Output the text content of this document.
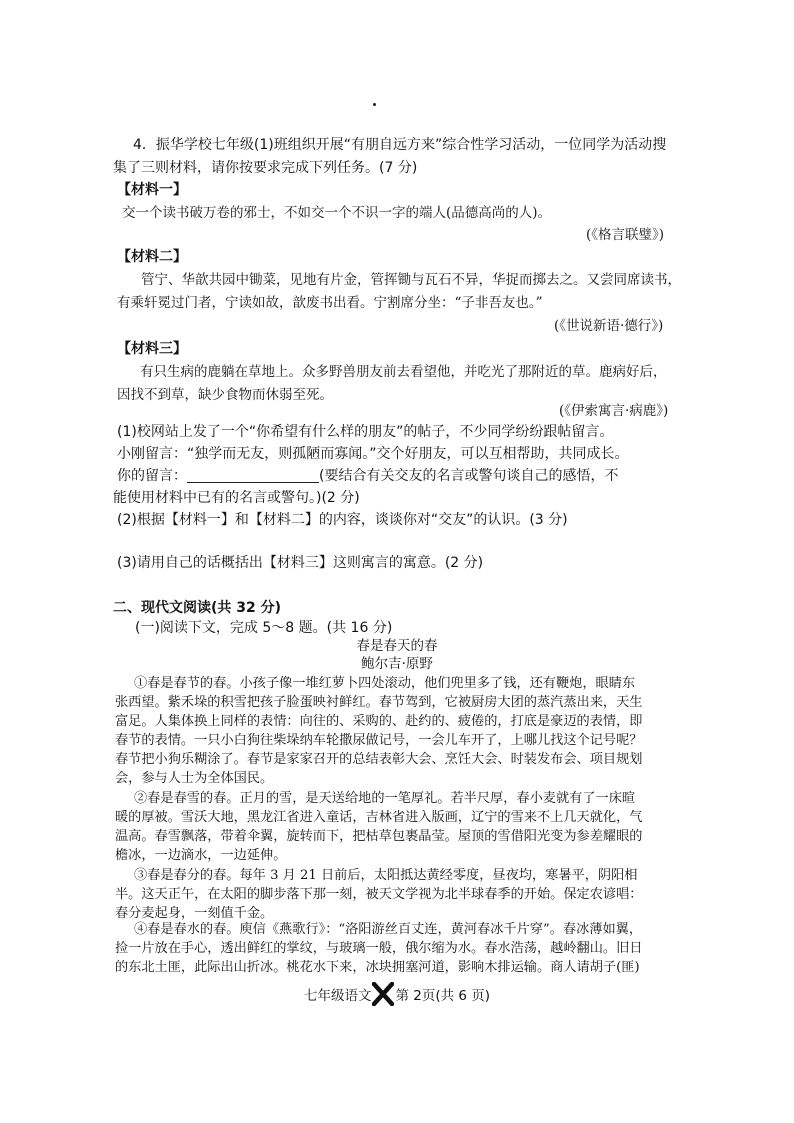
4．振华学校七年级(1)班组织开展“有朋自远方来”综合性学习活动，一位同学为活动搜
集了三则材料，请你按要求完成下列任务。(7 分)
【材料一】
交一个读书破万卷的邪士，不如交一个不识一字的端人(品德高尚的人)。
(《格言联璧》)
【材料二】
管宁、华歆共园中锄菜，见地有片金，管挥锄与瓦石不异，华捉而掷去之。又尝同席读书，
有乘轩冕过门者，宁读如故，歆废书出看。宁割席分坐：“子非吾友也。”
(《世说新语·德行》)
【材料三】
有只生病的鹿躺在草地上。众多野兽朋友前去看望他，并吃光了那附近的草。鹿病好后，
因找不到草，缺少食物而休弱至死。
(《伊索寓言·病鹿》)
(1)校网站上发了一个“你希望有什么样的朋友”的帖子，不少同学纷纷跟帖留言。
小刚留言：“独学而无友，则孤陋而寡闻。”交个好朋友，可以互相帮助，共同成长。
你的留言：	(要结合有关交友的名言或警句谈自己的感悟，不
能使用材料中已有的名言或警句。)(2 分)
(2)根据【材料一】和【材料二】的内容，谈谈你对“交友”的认识。(3 分)
(3)请用自己的话概括出【材料三】这则寓言的寓意。(2 分)
二、现代文阅读(共 32 分)
(一)阅读下文，完成 5～8 题。(共 16 分)
春是春天的春
鲍尔吉·原野
①春是春节的春。小孩子像一堆红萝卜四处滚动，他们兜里多了钱，还有鞭炮，眼睛东
张西望。紫禾垛的积雪把孩子脸蛋映衬鲜红。春节驾到，它被厨房大团的蒸汽蒸出来，天生
富足。人集体换上同样的表情：向往的、采购的、赴约的、疲倦的，打底是豪迈的表情，即
春节的表情。一只小白狗往柴垛纳车轮撒尿做记号，一会儿车开了，上哪儿找这个记号呢？
春节把小狗乐糊涂了。春节是家家召开的总结表彰大会、烹饪大会、时装发布会、项目规划
会，参与人士为全体国民。
②春是春雪的春。正月的雪，是天送给地的一笔厚礼。若半尺厚，春小麦就有了一床暄
暖的厚被。雪沃大地，黑龙江省进入童话，吉林省进入版画，辽宁的雪来不上几天就化，气
温高。春雪飘落，带着伞翼，旋转而下，把枯草包裹晶莹。屋顶的雪借阳光变为参差耀眼的
檐冰，一边滴水，一边延伸。
③春是春分的春。每年 3 月 21 日前后，太阳抵达黄经零度，昼夜均，寒暑平，阴阳相
半。这天正午，在太阳的脚步落下那一刻，被天文学视为北半球春季的开始。保定农谚唱：
春分麦起身，一刻值千金。
④春是春水的春。庾信《燕歌行》：“洛阳游丝百丈连，黄河春冰千片穿”。春冰薄如翼，
捡一片放在手心，透出鲜红的掌纹，与玻璃一般，俄尔缩为水。春水浩荡，越岭翻山。旧日
的东北土匪，此际出山折冰。桃花水下来，冰块拥塞河道，影响木排运输。商人请胡子(匪)
七年级语文 第 2页(共 6 页)
